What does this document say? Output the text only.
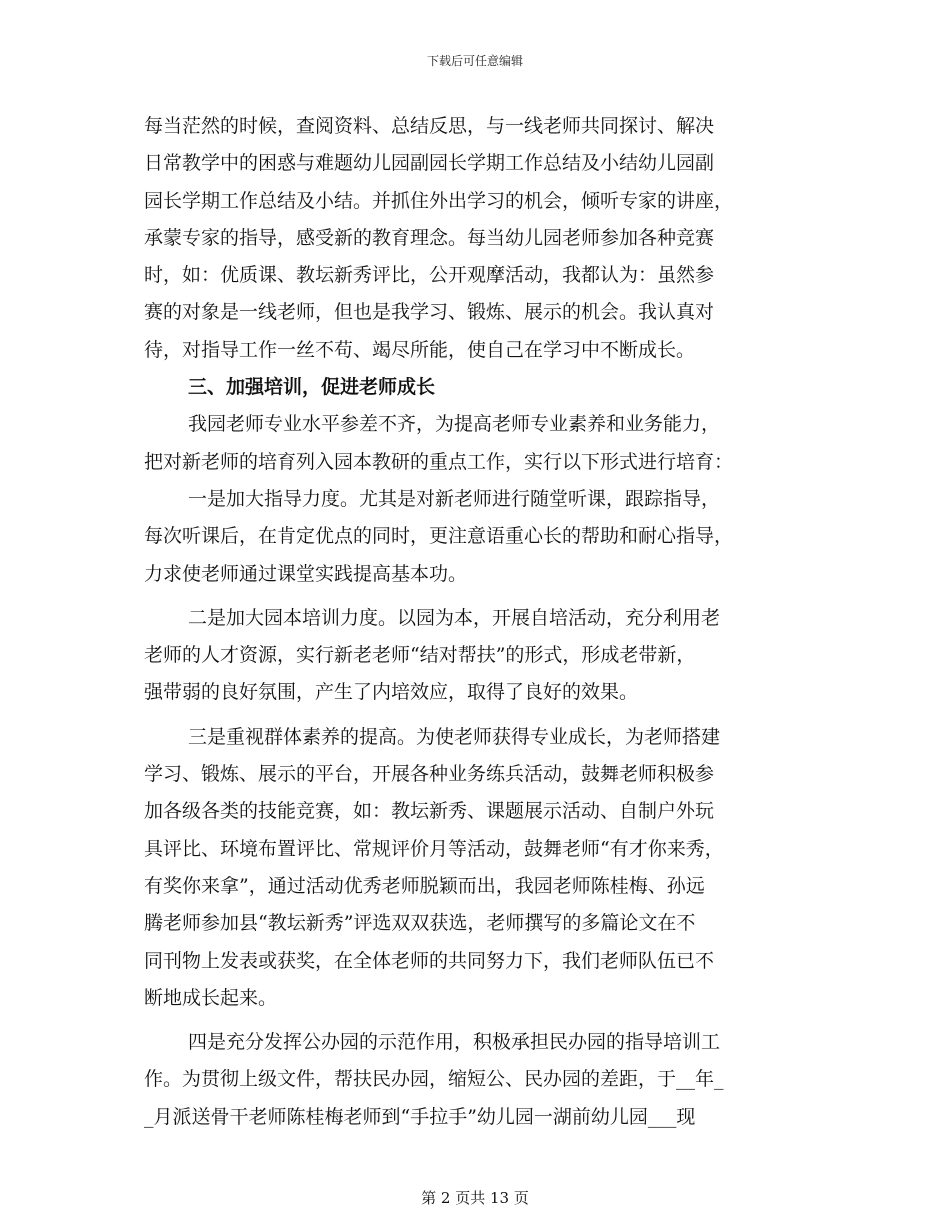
下载后可任意编辑
每当茫然的时候，查阅资料、总结反思，与一线老师共同探讨、解决
日常教学中的困惑与难题幼儿园副园长学期工作总结及小结幼儿园副
园长学期工作总结及小结。并抓住外出学习的机会，倾听专家的讲座，
承蒙专家的指导，感受新的教育理念。每当幼儿园老师参加各种竞赛
时，如：优质课、教坛新秀评比，公开观摩活动，我都认为：虽然参
赛的对象是一线老师，但也是我学习、锻炼、展示的机会。我认真对
待，对指导工作一丝不苟、竭尽所能，使自己在学习中不断成长。
三、加强培训，促进老师成长
我园老师专业水平参差不齐，为提高老师专业素养和业务能力，
把对新老师的培育列入园本教研的重点工作，实行以下形式进行培育：
一是加大指导力度。尤其是对新老师进行随堂听课，跟踪指导，
每次听课后，在肯定优点的同时，更注意语重心长的帮助和耐心指导，
力求使老师通过课堂实践提高基本功。
二是加大园本培训力度。以园为本，开展自培活动，充分利用老
老师的人才资源，实行新老老师“结对帮扶”的形式，形成老带新，
强带弱的良好氛围，产生了内培效应，取得了良好的效果。
三是重视群体素养的提高。为使老师获得专业成长，为老师搭建
学习、锻炼、展示的平台，开展各种业务练兵活动，鼓舞老师积极参
加各级各类的技能竞赛，如：教坛新秀、课题展示活动、自制户外玩
具评比、环境布置评比、常规评价月等活动，鼓舞老师“有才你来秀，
有奖你来拿”，通过活动优秀老师脱颖而出，我园老师陈桂梅、孙远
腾老师参加县“教坛新秀”评选双双获选，老师撰写的多篇论文在不
同刊物上发表或获奖，在全体老师的共同努力下，我们老师队伍已不
断地成长起来。
四是充分发挥公办园的示范作用，积极承担民办园的指导培训工
作。为贯彻上级文件，帮扶民办园，缩短公、民办园的差距，于__年_
_月派送骨干老师陈桂梅老师到“手拉手”幼儿园一湖前幼儿园___现
第 2 页共 13 页
